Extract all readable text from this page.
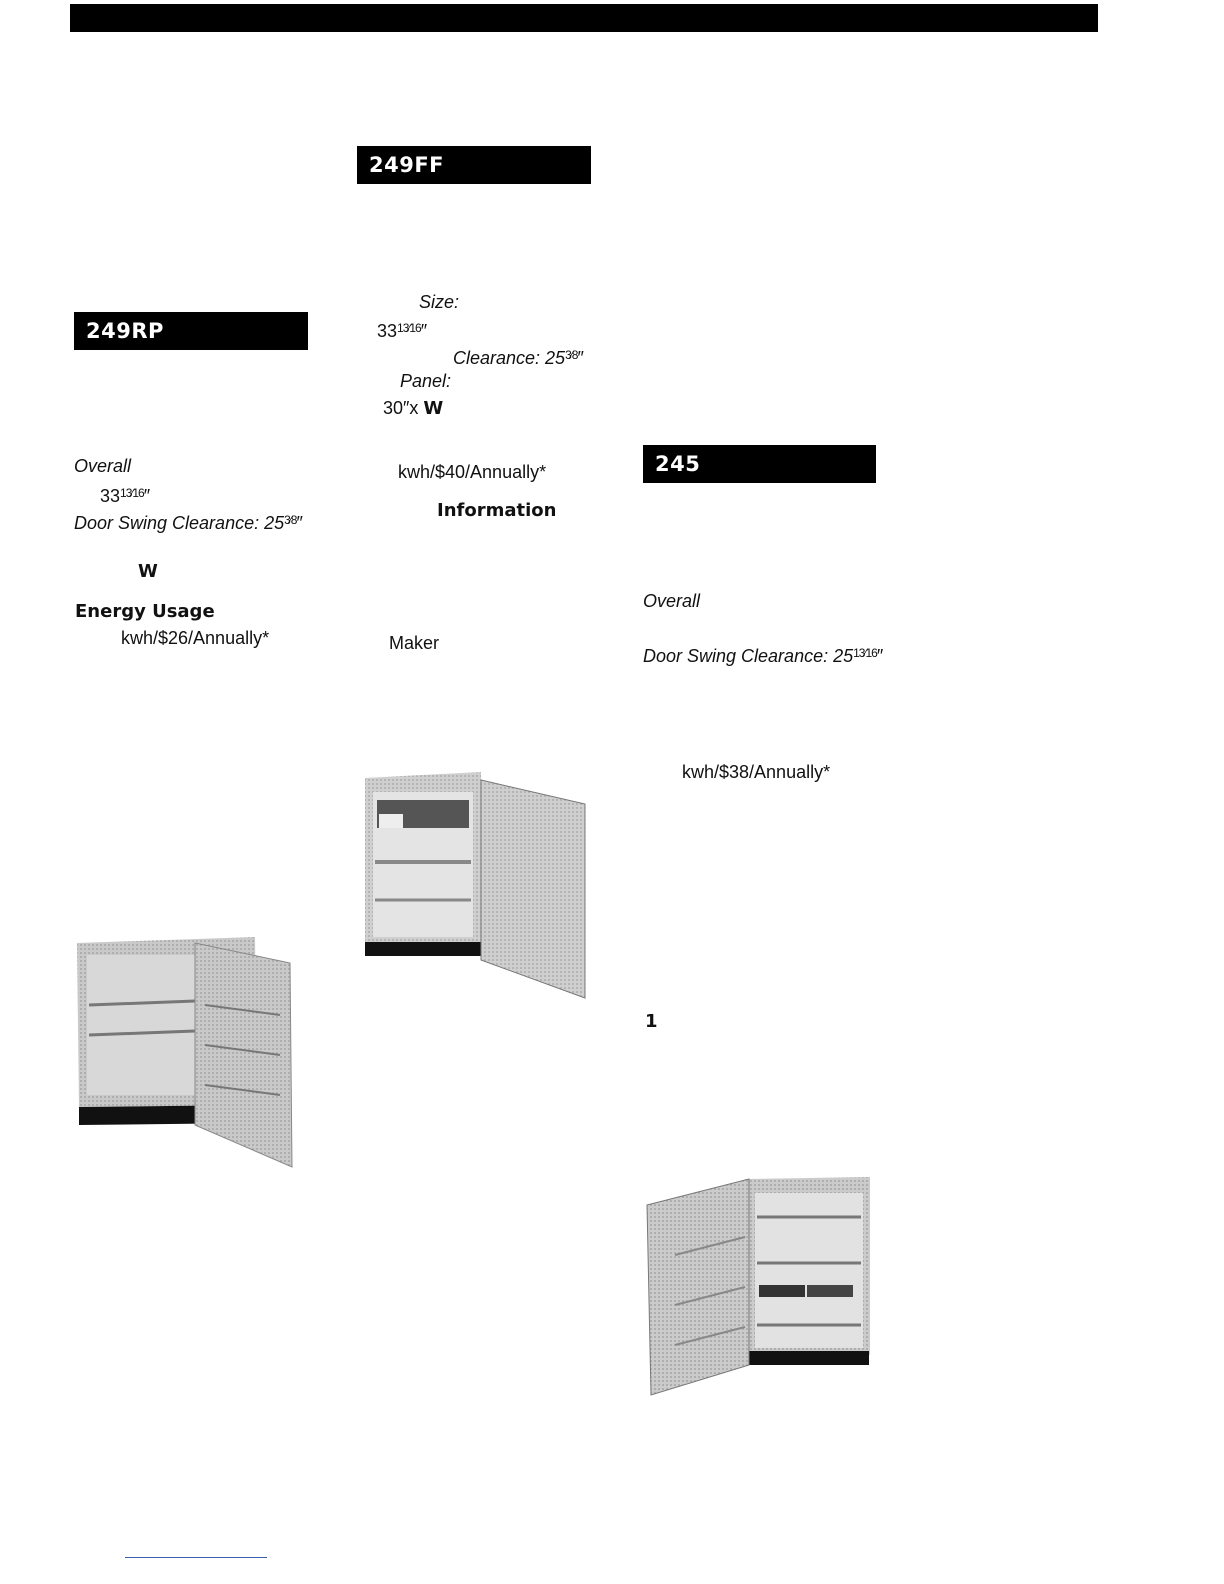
249RP
Overall
$33^{13⁄16}''$
Door Swing Clearance: $25^{3⁄8}''$
W
Energy Usage
kwh/$26/Annually*
249FF
Size:
$33^{13⁄16}''$
Clearance: $25^{3⁄8}''$
Panel:
30″x W
kwh/$40/Annually*
Information
Maker
245
Overall
Door Swing Clearance: $25^{13⁄16}''$
kwh/$38/Annually*
1
